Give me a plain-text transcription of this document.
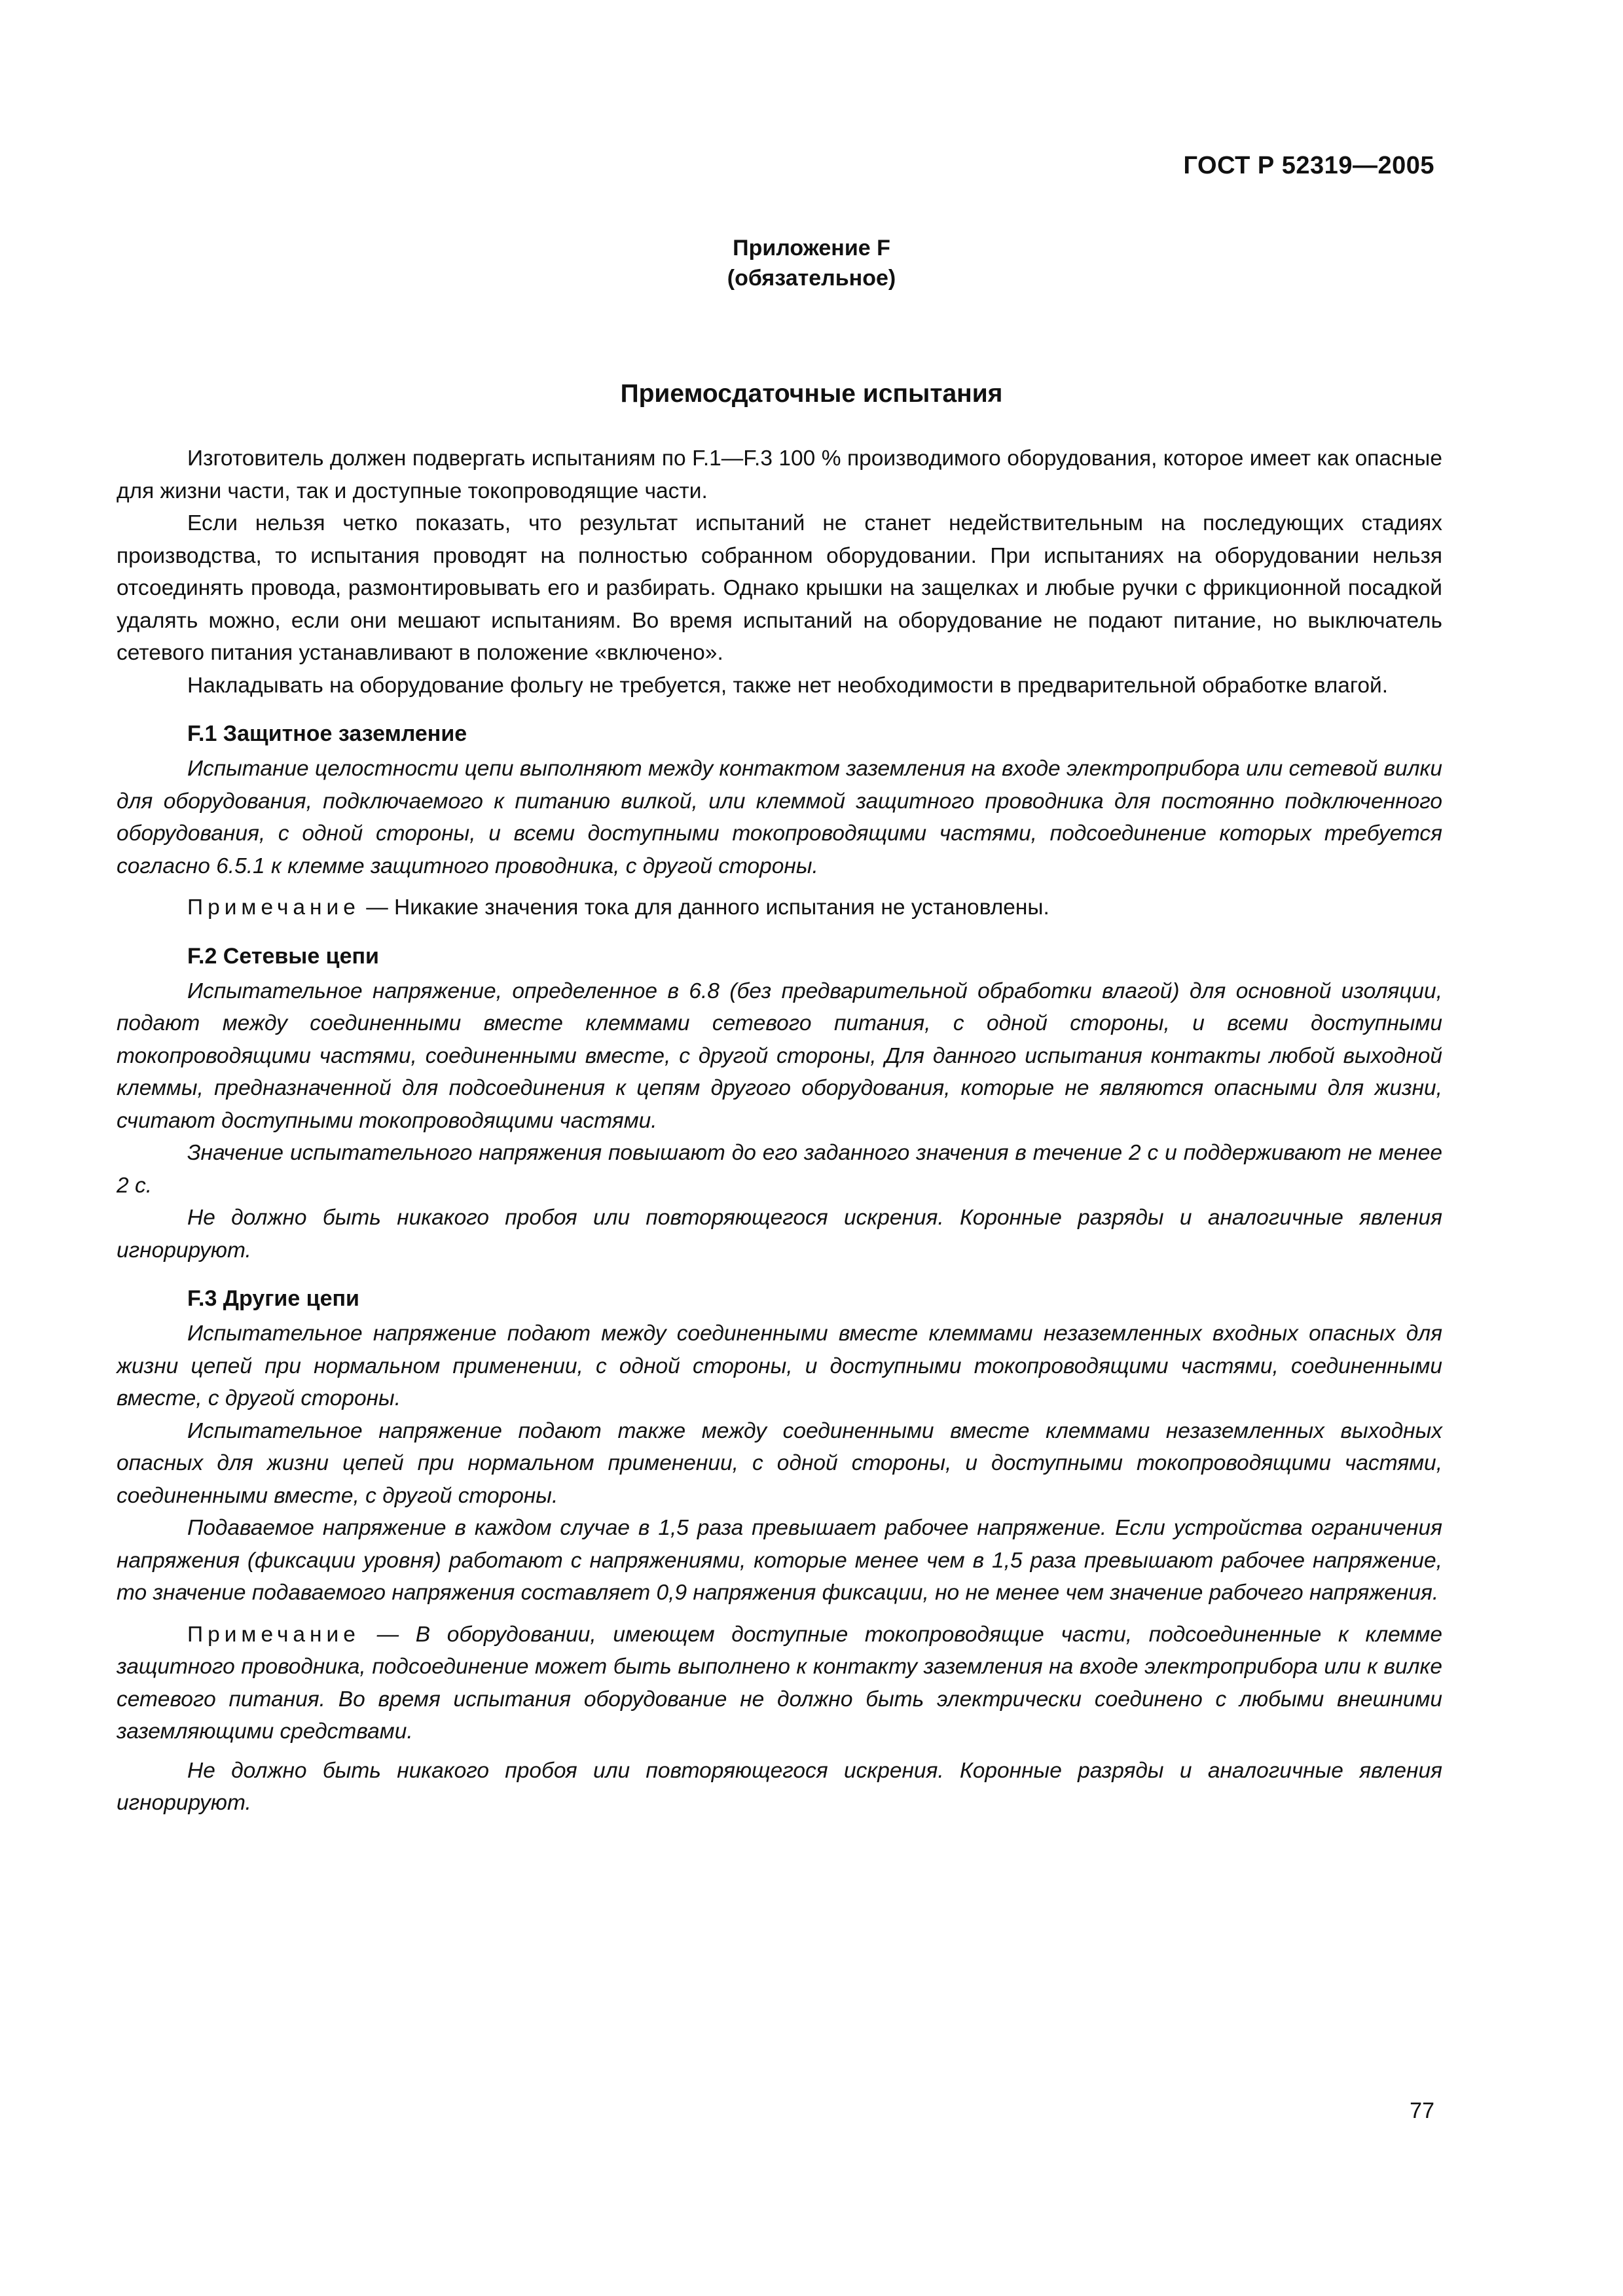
ГОСТ Р 52319—2005
Приложение F
(обязательное)
Приемосдаточные испытания

Изготовитель должен подвергать испытаниям по F.1—F.3 100 % производимого оборудования, которое имеет как опасные для жизни части, так и доступные токопроводящие части.

Если нельзя четко показать, что результат испытаний не станет недействительным на последующих стадиях производства, то испытания проводят на полностью собранном оборудовании. При испытаниях на оборудовании нельзя отсоединять провода, размонтировывать его и разбирать. Однако крышки на защелках и любые ручки с фрикционной посадкой удалять можно, если они мешают испытаниям. Во время испытаний на оборудование не подают питание, но выключатель сетевого питания устанавливают в положение «включено».

Накладывать на оборудование фольгу не требуется, также нет необходимости в предварительной обработке влагой.

F.1 Защитное заземление

Испытание целостности цепи выполняют между контактом заземления на входе электроприбора или сетевой вилки для оборудования, подключаемого к питанию вилкой, или клеммой защитного проводника для постоянно подключенного оборудования, с одной стороны, и всеми доступными токопроводящими частями, подсоединение которых требуется согласно 6.5.1 к клемме защитного проводника, с другой стороны.

Примечание — Никакие значения тока для данного испытания не установлены.

F.2 Сетевые цепи

Испытательное напряжение, определенное в 6.8 (без предварительной обработки влагой) для основной изоляции, подают между соединенными вместе клеммами сетевого питания, с одной стороны, и всеми доступными токопроводящими частями, соединенными вместе, с другой стороны, Для данного испытания контакты любой выходной клеммы, предназначенной для подсоединения к цепям другого оборудования, которые не являются опасными для жизни, считают доступными токопроводящими частями.

Значение испытательного напряжения повышают до его заданного значения в течение 2 с и поддерживают не менее 2 с.

Не должно быть никакого пробоя или повторяющегося искрения. Коронные разряды и аналогичные явления игнорируют.

F.3 Другие цепи

Испытательное напряжение подают между соединенными вместе клеммами незаземленных входных опасных для жизни цепей при нормальном применении, с одной стороны, и доступными токопроводящими частями, соединенными вместе, с другой стороны.

Испытательное напряжение подают также между соединенными вместе клеммами незаземленных выходных опасных для жизни цепей при нормальном применении, с одной стороны, и доступными токопроводящими частями, соединенными вместе, с другой стороны.

Подаваемое напряжение в каждом случае в 1,5 раза превышает рабочее напряжение. Если устройства ограничения напряжения (фиксации уровня) работают с напряжениями, которые менее чем в 1,5 раза превышают рабочее напряжение, то значение подаваемого напряжения составляет 0,9 напряжения фиксации, но не менее чем значение рабочего напряжения.

Примечание — В оборудовании, имеющем доступные токопроводящие части, подсоединенные к клемме защитного проводника, подсоединение может быть выполнено к контакту заземления на входе электроприбора или к вилке сетевого питания. Во время испытания оборудование не должно быть электрически соединено с любыми внешними заземляющими средствами.

Не должно быть никакого пробоя или повторяющегося искрения. Коронные разряды и аналогичные явления игнорируют.

77
